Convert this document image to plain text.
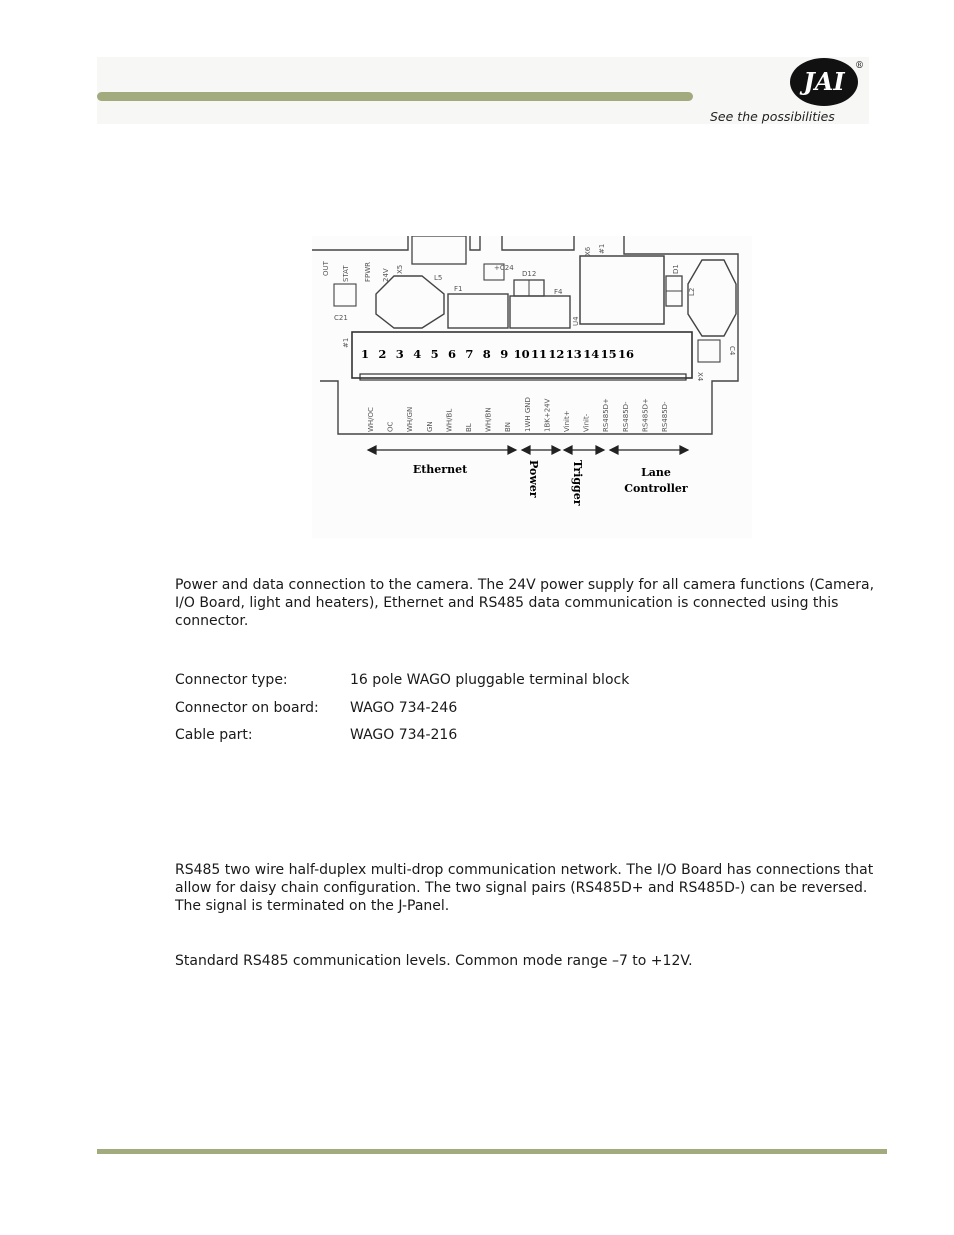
JAI
®
See the possibilities
OUT STAT FPWR 24V X5
L5
+C24
D12
F1	F4
U4
X6 #1
C21
D1
L2
C4
X4
#1
1 2 3 4 5 6 7 8 9 10 11 12 13 14 15 16
WH/OC OC WH/GN GN WH/BL BL WH/BN BN 1WH GND 1BK+24V Vinit+ Vinit- RS485D+ RS485D- RS485D+ RS485D-
Ethernet	Power	Trigger	Lane
Controller

Power and data connection to the camera. The 24V power supply for all camera functions (Camera, I/O Board, light and heaters), Ethernet and RS485 data communication is connected using this connector.

Connector type:	16 pole WAGO pluggable terminal block
Connector on board: WAGO 734-246
Cable part:	WAGO 734-216

RS485 two wire half-duplex multi-drop communication network. The I/O Board has connections that allow for daisy chain configuration. The two signal pairs (RS485D+ and RS485D-) can be reversed. The signal is terminated on the J-Panel.

Standard RS485 communication levels. Common mode range –7 to +12V.
